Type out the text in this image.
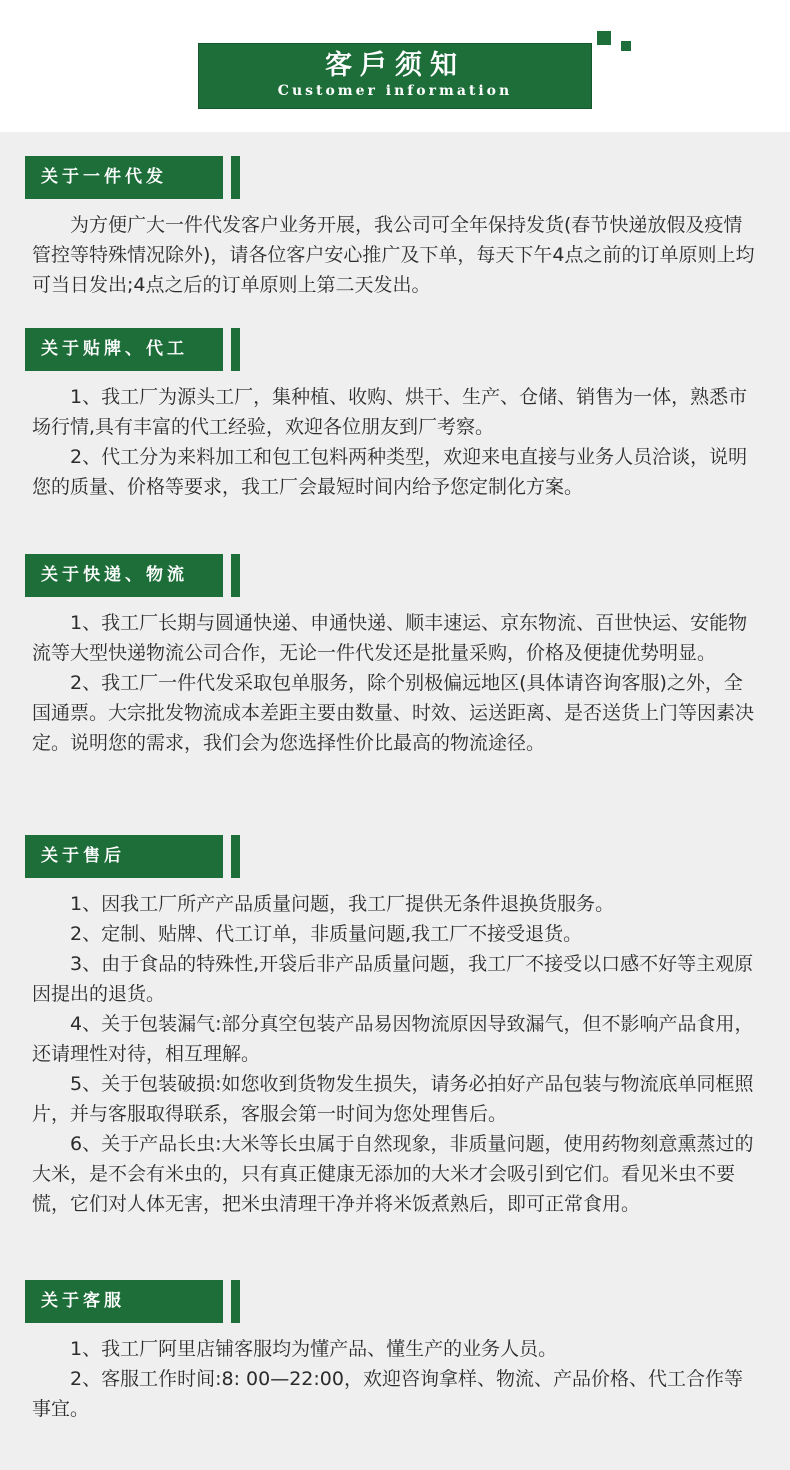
客戶须知
Customer information
关于一件代发

为方便广大一件代发客户业务开展，我公司可全年保持发货(春节快递放假及疫情管控等特殊情况除外)，请各位客户安心推广及下单，每天下午4点之前的订单原则上均可当日发出;4点之后的订单原则上第二天发出。

关于贴牌、代工

1、我工厂为源头工厂，集种植、收购、烘干、生产、仓储、销售为一体，熟悉市场行情,具有丰富的代工经验，欢迎各位朋友到厂考察。

2、代工分为来料加工和包工包料两种类型，欢迎来电直接与业务人员洽谈，说明您的质量、价格等要求，我工厂会最短时间内给予您定制化方案。

关于快递、物流

1、我工厂长期与圆通快递、申通快递、顺丰速运、京东物流、百世快运、安能物流等大型快递物流公司合作，无论一件代发还是批量采购，价格及便捷优势明显。

2、我工厂一件代发采取包单服务，除个别极偏远地区(具体请咨询客服)之外，全国通票。大宗批发物流成本差距主要由数量、时效、运送距离、是否送货上门等因素决定。说明您的需求，我们会为您选择性价比最高的物流途径。

关于售后

1、因我工厂所产产品质量问题，我工厂提供无条件退换货服务。

2、定制、贴牌、代工订单，非质量问题,我工厂不接受退货。

3、由于食品的特殊性,开袋后非产品质量问题，我工厂不接受以口感不好等主观原因提出的退货。

4、关于包装漏气:部分真空包装产品易因物流原因导致漏气，但不影响产品食用，还请理性对待，相互理解。

5、关于包装破损:如您收到货物发生损失，请务必拍好产品包装与物流底单同框照片，并与客服取得联系，客服会第一时间为您处理售后。

6、关于产品长虫:大米等长虫属于自然现象，非质量问题，使用药物刻意熏蒸过的大米，是不会有米虫的，只有真正健康无添加的大米才会吸引到它们。看见米虫不要慌，它们对人体无害，把米虫清理干净并将米饭煮熟后，即可正常食用。

关于客服

1、我工厂阿里店铺客服均为懂产品、懂生产的业务人员。

2、客服工作时间:8: 00—22:00，欢迎咨询拿样、物流、产品价格、代工合作等事宜。
